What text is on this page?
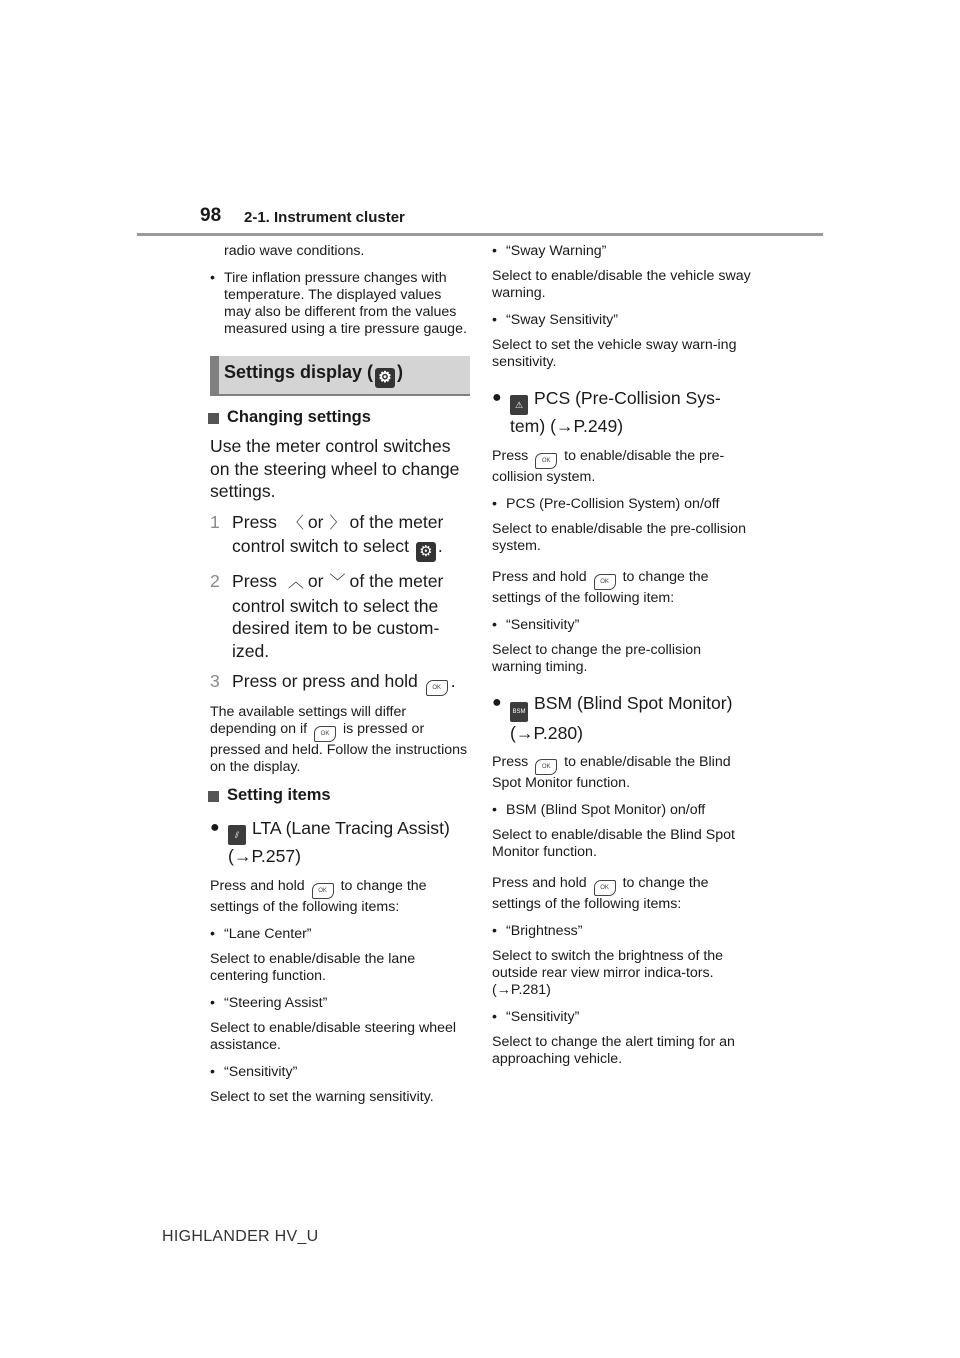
98 2-1. Instrument cluster

radio wave conditions.

• Tire inflation pressure changes with temperature. The displayed values may also be different from the values measured using a tire pressure gauge.
Settings display ( ⚙ )
Changing settings

Use the meter control switches on the steering wheel to change settings.

1 Press 〈 or 〉 of the meter control switch to select ⚙ .
2 Press ︿ or ﹀ of the meter control switch to select the desired item to be custom-ized.
3 Press or press and hold OK .

The available settings will differ depending on if OK is pressed or pressed and held. Follow the instructions on the display.

Setting items
●	⫽ LTA (Lane Tracing Assist)
(→P.257)

Press and hold OK to change the settings of the following items:

• “Lane Center”

Select to enable/disable the lane centering function.

• “Steering Assist”

Select to enable/disable steering wheel assistance.

• “Sensitivity”

Select to set the warning sensitivity.

• “Sway Warning”

Select to enable/disable the vehicle sway warning.

• “Sway Sensitivity”

Select to set the vehicle sway warn-ing sensitivity.

●	⚠ PCS (Pre-Collision Sys-tem) (→P.249)

Press OK to enable/disable the pre-collision system.

• PCS (Pre-Collision System) on/off

Select to enable/disable the pre-collision system.

Press and hold OK to change the settings of the following item:

• “Sensitivity”

Select to change the pre-collision warning timing.

●
BSM BSM (Blind Spot Monitor)
(→P.280)

Press OK to enable/disable the Blind Spot Monitor function.

• BSM (Blind Spot Monitor) on/off

Select to enable/disable the Blind Spot Monitor function.

Press and hold OK to change the settings of the following items:

• “Brightness”

Select to switch the brightness of the outside rear view mirror indica-tors. (→P.281)

• “Sensitivity”

Select to change the alert timing for an approaching vehicle.

HIGHLANDER HV_U
